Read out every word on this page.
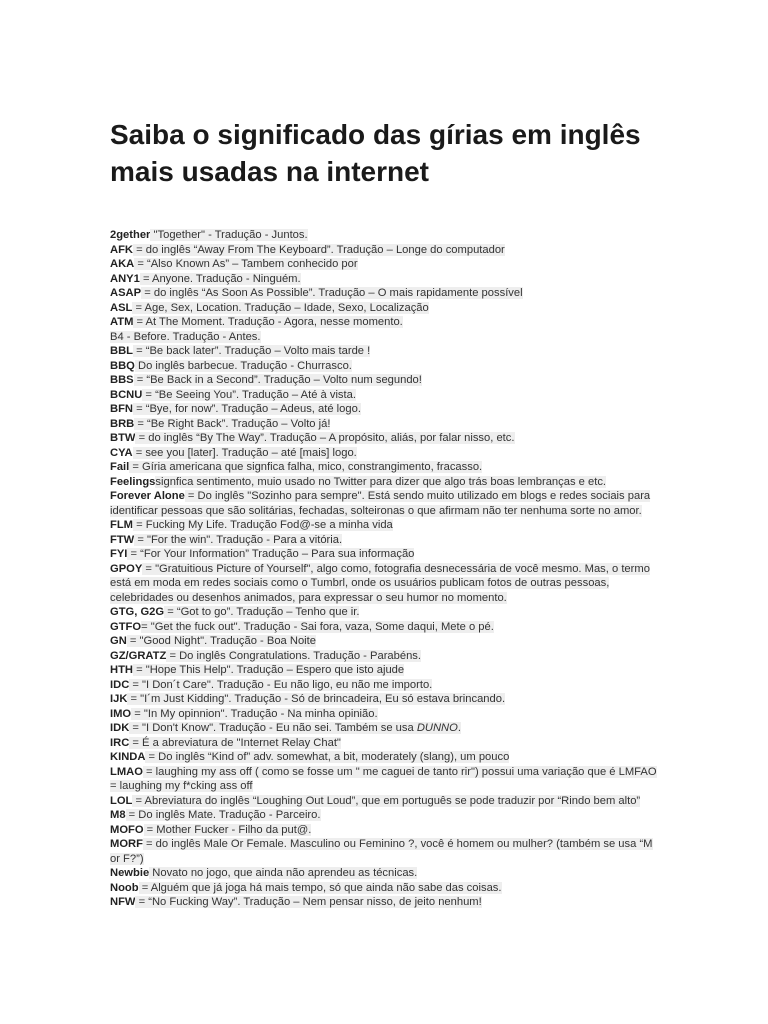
Saiba o significado das gírias em inglês mais usadas na internet
2gether "Together" - Tradução - Juntos.
AFK = do inglês “Away From The Keyboard”. Tradução – Longe do computador
AKA = “Also Known As” – Tambem conhecido por
ANY1 = Anyone. Tradução - Ninguém.
ASAP = do inglês “As Soon As Possible”. Tradução – O mais rapidamente possível
ASL = Age, Sex, Location. Tradução – Idade, Sexo, Localização
ATM = At The Moment. Tradução - Agora, nesse momento.
B4 - Before. Tradução - Antes.
BBL = “Be back later”. Tradução – Volto mais tarde !
BBQ Do inglês barbecue. Tradução - Churrasco.
BBS = “Be Back in a Second”. Tradução – Volto num segundo!
BCNU = “Be Seeing You”. Tradução – Até à vista.
BFN = “Bye, for now”. Tradução – Adeus, até logo.
BRB = “Be Right Back”. Tradução – Volto já!
BTW = do inglês “By The Way”. Tradução – A propósito, aliás, por falar nisso, etc.
CYA = see you [later]. Tradução – até [mais] logo.
Fail = Gíria americana que signfica falha, mico, constrangimento, fracasso.
Feelingssignfica sentimento, muio usado no Twitter para dizer que algo trás boas lembranças e etc.
Forever Alone = Do inglês "Sozinho para sempre". Está sendo muito utilizado em blogs e redes sociais para identificar pessoas que são solitárias, fechadas, solteironas o que afirmam não ter nenhuma sorte no amor.
FLM = Fucking My Life. Tradução Fod@-se a minha vida
FTW = "For the win". Tradução - Para a vitória.
FYI = “For Your Information” Tradução – Para sua informação
GPOY = "Gratuitious Picture of Yourself", algo como, fotografia desnecessária de você mesmo. Mas, o termo está em moda em redes sociais como o Tumbrl, onde os usuários publicam fotos de outras pessoas, celebridades ou desenhos animados, para expressar o seu humor no momento.
GTG, G2G = “Got to go”. Tradução – Tenho que ir.
GTFO= "Get the fuck out". Tradução - Sai fora, vaza, Some daqui, Mete o pé.
GN = "Good Night". Tradução - Boa Noite
GZ/GRATZ = Do inglês Congratulations. Tradução - Parabéns.
HTH = "Hope This Help". Tradução – Espero que isto ajude
IDC = "I Don´t Care". Tradução - Eu não ligo, eu não me importo.
IJK = "I´m Just Kidding". Tradução - Só de brincadeira, Eu só estava brincando.
IMO = "In My opinnion". Tradução - Na minha opinião.
IDK = "I Don't Know". Tradução - Eu não sei. Também se usa DUNNO.
IRC = É a abreviatura de "Internet Relay Chat"
KINDA = Do inglês “Kind of” adv. somewhat, a bit, moderately (slang), um pouco
LMAO = laughing my ass off ( como se fosse um " me caguei de tanto rir") possui uma variação que é LMFAO = laughing my f*cking ass off
LOL = Abreviatura do inglês “Loughing Out Loud”, que em português se pode traduzir por “Rindo bem alto”
M8 = Do inglês Mate. Tradução - Parceiro.
MOFO = Mother Fucker - Filho da put@.
MORF = do inglês Male Or Female. Masculino ou Feminino ?, você é homem ou mulher? (também se usa “M or F?”)
Newbie Novato no jogo, que ainda não aprendeu as técnicas.
Noob = Alguém que já joga há mais tempo, só que ainda não sabe das coisas.
NFW = “No Fucking Way”. Tradução – Nem pensar nisso, de jeito nenhum!
